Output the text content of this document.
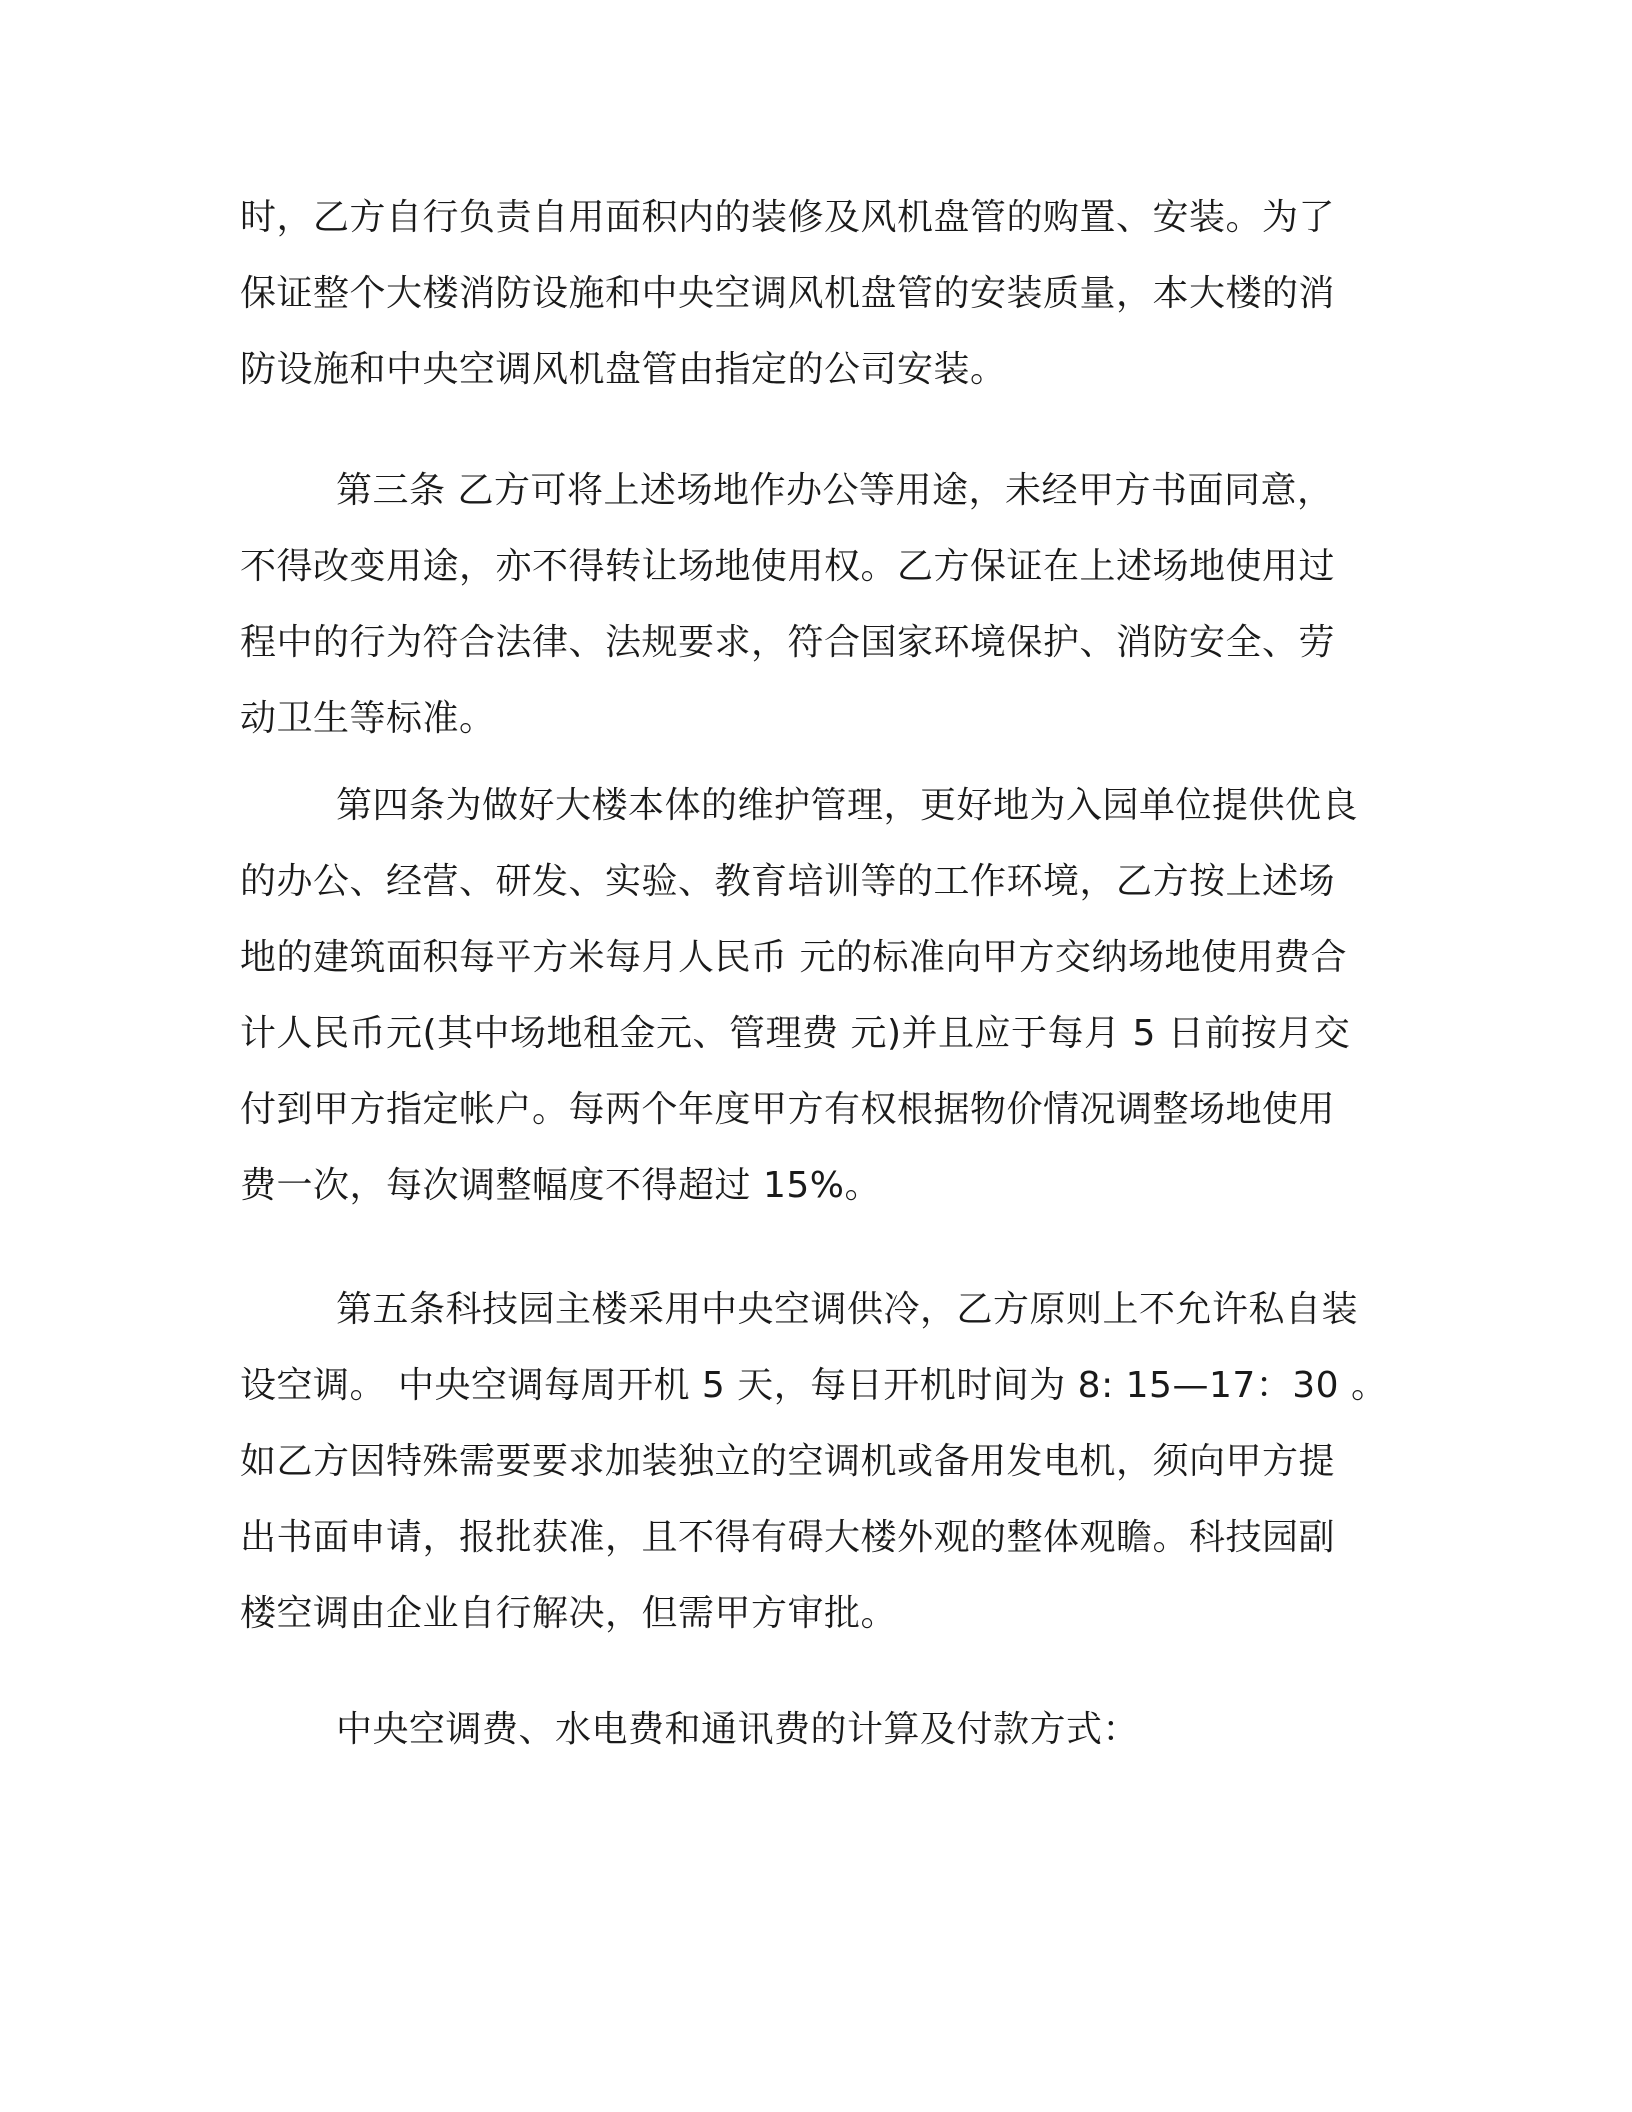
时，乙方自行负责自用面积内的装修及风机盘管的购置、安装。为了
保证整个大楼消防设施和中央空调风机盘管的安装质量，本大楼的消
防设施和中央空调风机盘管由指定的公司安装。

第三条 乙方可将上述场地作办公等用途，未经甲方书面同意，
不得改变用途，亦不得转让场地使用权。乙方保证在上述场地使用过
程中的行为符合法律、法规要求，符合国家环境保护、消防安全、劳
动卫生等标准。

第四条为做好大楼本体的维护管理，更好地为入园单位提供优良
的办公、经营、研发、实验、教育培训等的工作环境，乙方按上述场
地的建筑面积每平方米每月人民币 元的标准向甲方交纳场地使用费合
计人民币元(其中场地租金元、管理费 元)并且应于每月 5 日前按月交
付到甲方指定帐户。每两个年度甲方有权根据物价情况调整场地使用
费一次，每次调整幅度不得超过 15%。

第五条科技园主楼采用中央空调供冷，乙方原则上不允许私自装
设空调。 中央空调每周开机 5 天，每日开机时间为 8: 15—17：30 。
如乙方因特殊需要要求加装独立的空调机或备用发电机，须向甲方提
出书面申请，报批获准，且不得有碍大楼外观的整体观瞻。科技园副
楼空调由企业自行解决，但需甲方审批。

中央空调费、水电费和通讯费的计算及付款方式：
